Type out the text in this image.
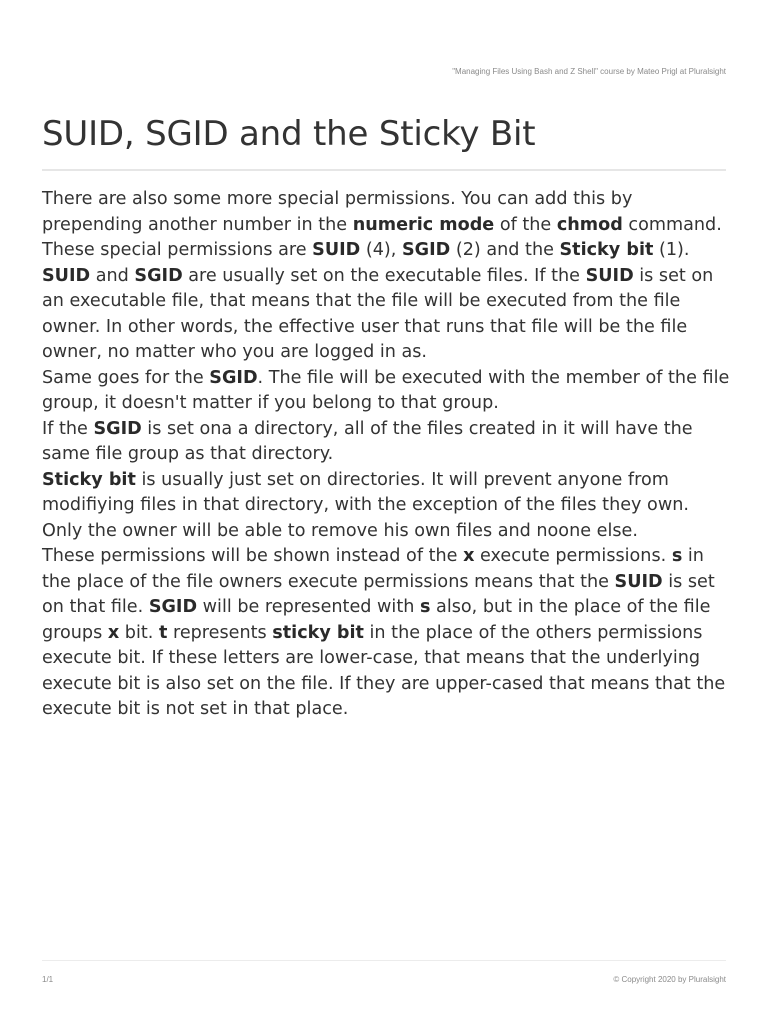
"Managing Files Using Bash and Z Shell" course by Mateo Prigl at Pluralsight
SUID, SGID and the Sticky Bit

There are also some more special permissions. You can add this by prepending another number in the numeric mode of the chmod command. These special permissions are SUID (4), SGID (2) and the Sticky bit (1).

SUID and SGID are usually set on the executable files. If the SUID is set on an executable file, that means that the file will be executed from the file owner. In other words, the effective user that runs that file will be the file owner, no matter who you are logged in as.

Same goes for the SGID. The file will be executed with the member of the file group, it doesn't matter if you belong to that group.

If the SGID is set ona a directory, all of the files created in it will have the same file group as that directory.

Sticky bit is usually just set on directories. It will prevent anyone from modifiying files in that directory, with the exception of the files they own. Only the owner will be able to remove his own files and noone else.

These permissions will be shown instead of the x execute permissions. s in the place of the file owners execute permissions means that the SUID is set on that file. SGID will be represented with s also, but in the place of the file groups x bit. t represents sticky bit in the place of the others permissions execute bit. If these letters are lower-case, that means that the underlying execute bit is also set on the file. If they are upper-cased that means that the execute bit is not set in that place.

1/1	© Copyright 2020 by Pluralsight
